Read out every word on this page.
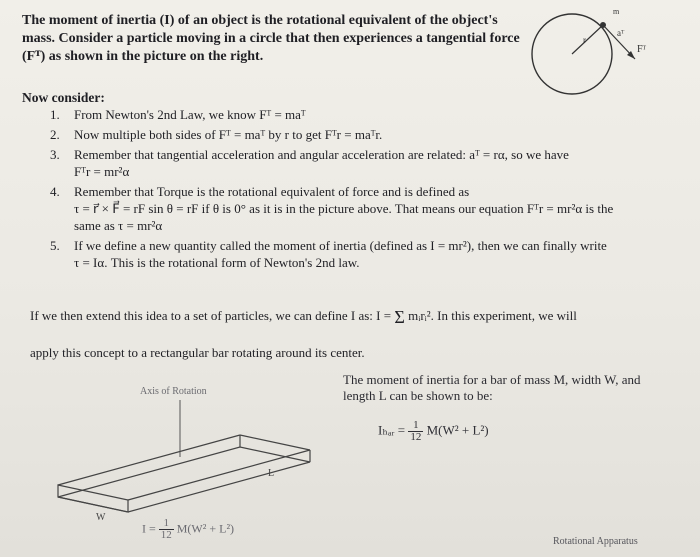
The moment of inertia (I) of an object is the rotational equivalent of the object's mass. Consider a particle moving in a circle that then experiences a tangential force (Fᵀ) as shown in the picture on the right.
m
r
aᵀ
Fᵀ
Now consider:
1. From Newton's 2nd Law, we know Fᵀ = maᵀ
2. Now multiple both sides of Fᵀ = maᵀ by r to get Fᵀr = maᵀr.
3. Remember that tangential acceleration and angular acceleration are related: aᵀ = rα, so we have
Fᵀr = mr²α
4. Remember that Torque is the rotational equivalent of force and is defined as
τ = r⃗ × F⃗ = rF sin θ = rF if θ is 0° as it is in the picture above. That means our equation Fᵀr = mr²α is the
same as τ = mr²α
5. If we define a new quantity called the moment of inertia (defined as I = mr²), then we can finally write
τ = Iα. This is the rotational form of Newton's 2nd law.
If we then extend this idea to a set of particles, we can define I as: I = Σ mᵢrᵢ². In this experiment, we will
apply this concept to a rectangular bar rotating around its center.
Axis of Rotation
L
W
The moment of inertia for a bar of mass M, width W, and length L can be shown to be:
Iₕₐᵣ = $\frac{1}{12} M(W^2 + L^2)$
$I = \frac{1}{12} M(W^2 + L^2)$
Rotational Apparatus
